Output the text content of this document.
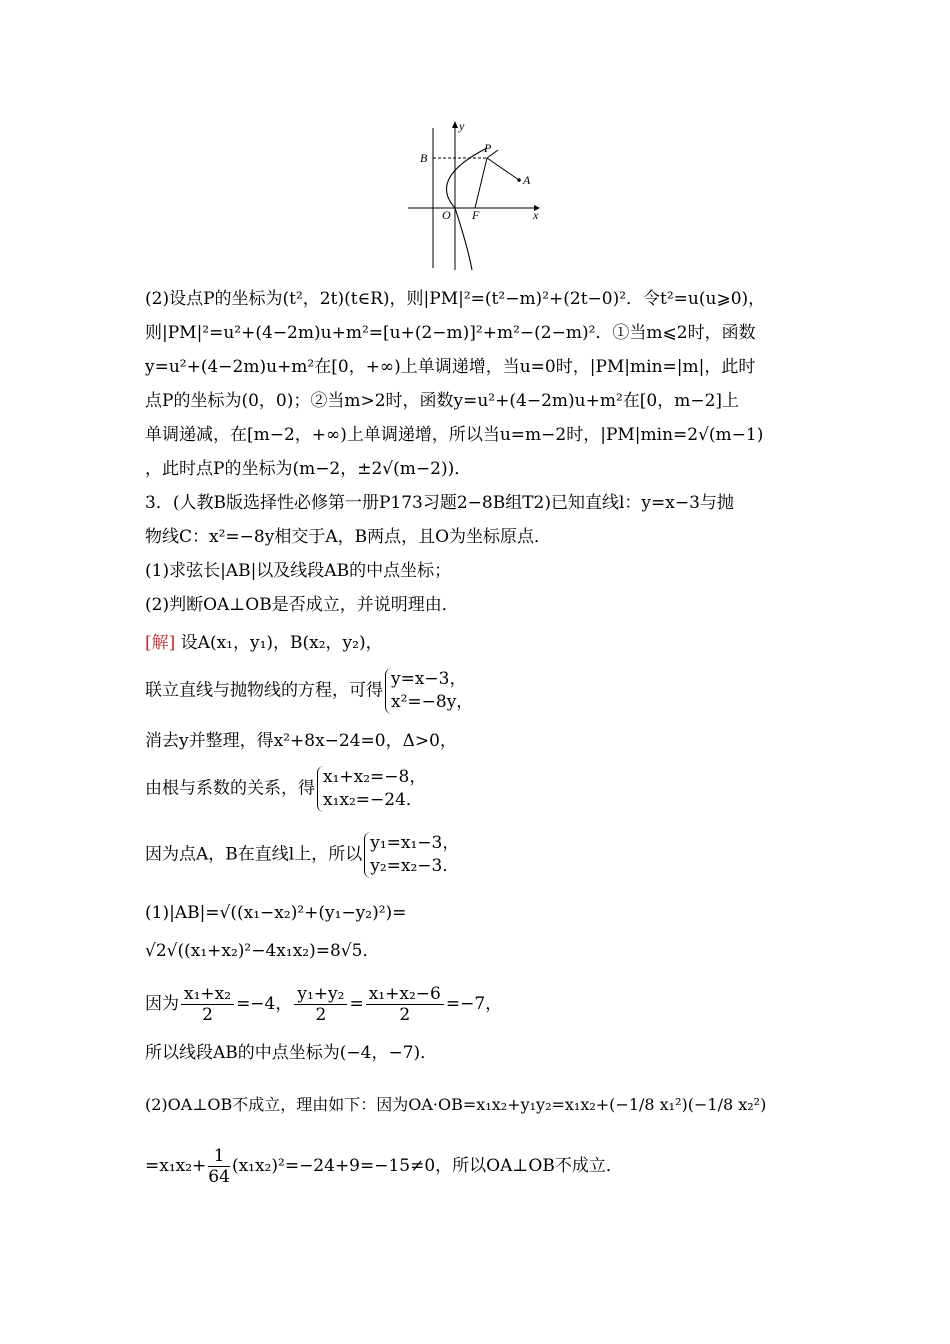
y
B
P
A
O F	x
(2)设点P的坐标为(t²，2t)(t∈R)，则|PM|²=(t²−m)²+(2t−0)²．令t²=u(u⩾0)，
则|PM|²=u²+(4−2m)u+m²=[u+(2−m)]²+m²−(2−m)²．①当m⩽2时，函数
y=u²+(4−2m)u+m²在[0，+∞)上单调递增，当u=0时，|PM|min=|m|，此时
点P的坐标为(0，0)；②当m>2时，函数y=u²+(4−2m)u+m²在[0，m−2]上
单调递减，在[m−2，+∞)上单调递增，所以当u=m−2时，|PM|min=2√(m−1)
，此时点P的坐标为(m−2，±2√(m−2))．
3．(人教B版选择性必修第一册P173习题2−8B组T2)已知直线l：y=x−3与抛
物线C：x²=−8y相交于A，B两点，且O为坐标原点．
(1)求弦长|AB|以及线段AB的中点坐标；
(2)判断OA⊥OB是否成立，并说明理由．
[解] 设A(x₁，y₁)，B(x₂，y₂)，
联立直线与抛物线的方程，可得y=x−3，
x²=−8y，
消去y并整理，得x²+8x−24=0，Δ>0，
由根与系数的关系，得x₁+x₂=−8，
x₁x₂=−24．
因为点A，B在直线l上，所以y₁=x₁−3，
y₂=x₂−3．
(1)|AB|=√((x₁−x₂)²+(y₁−y₂)²)=
√2√((x₁+x₂)²−4x₁x₂)=8√5．
因为 $\frac{\text{x₁+x₂}}{2} =-4$， $\frac{\text{y₁+y₂}}{2} = \frac{\text{x₁+x₂−6}}{2} =-7$，
所以线段AB的中点坐标为(−4，−7)．
(2)OA⊥OB不成立，理由如下：因为OA·OB=x₁x₂+y₁y₂=x₁x₂+(−1/8 x₁²)(−1/8 x₂²)
$=x_1x_2+ \frac{1}{64} (x_1x_2)^2=-24+9=-15\ne 0$，所以OA⊥OB不成立．
